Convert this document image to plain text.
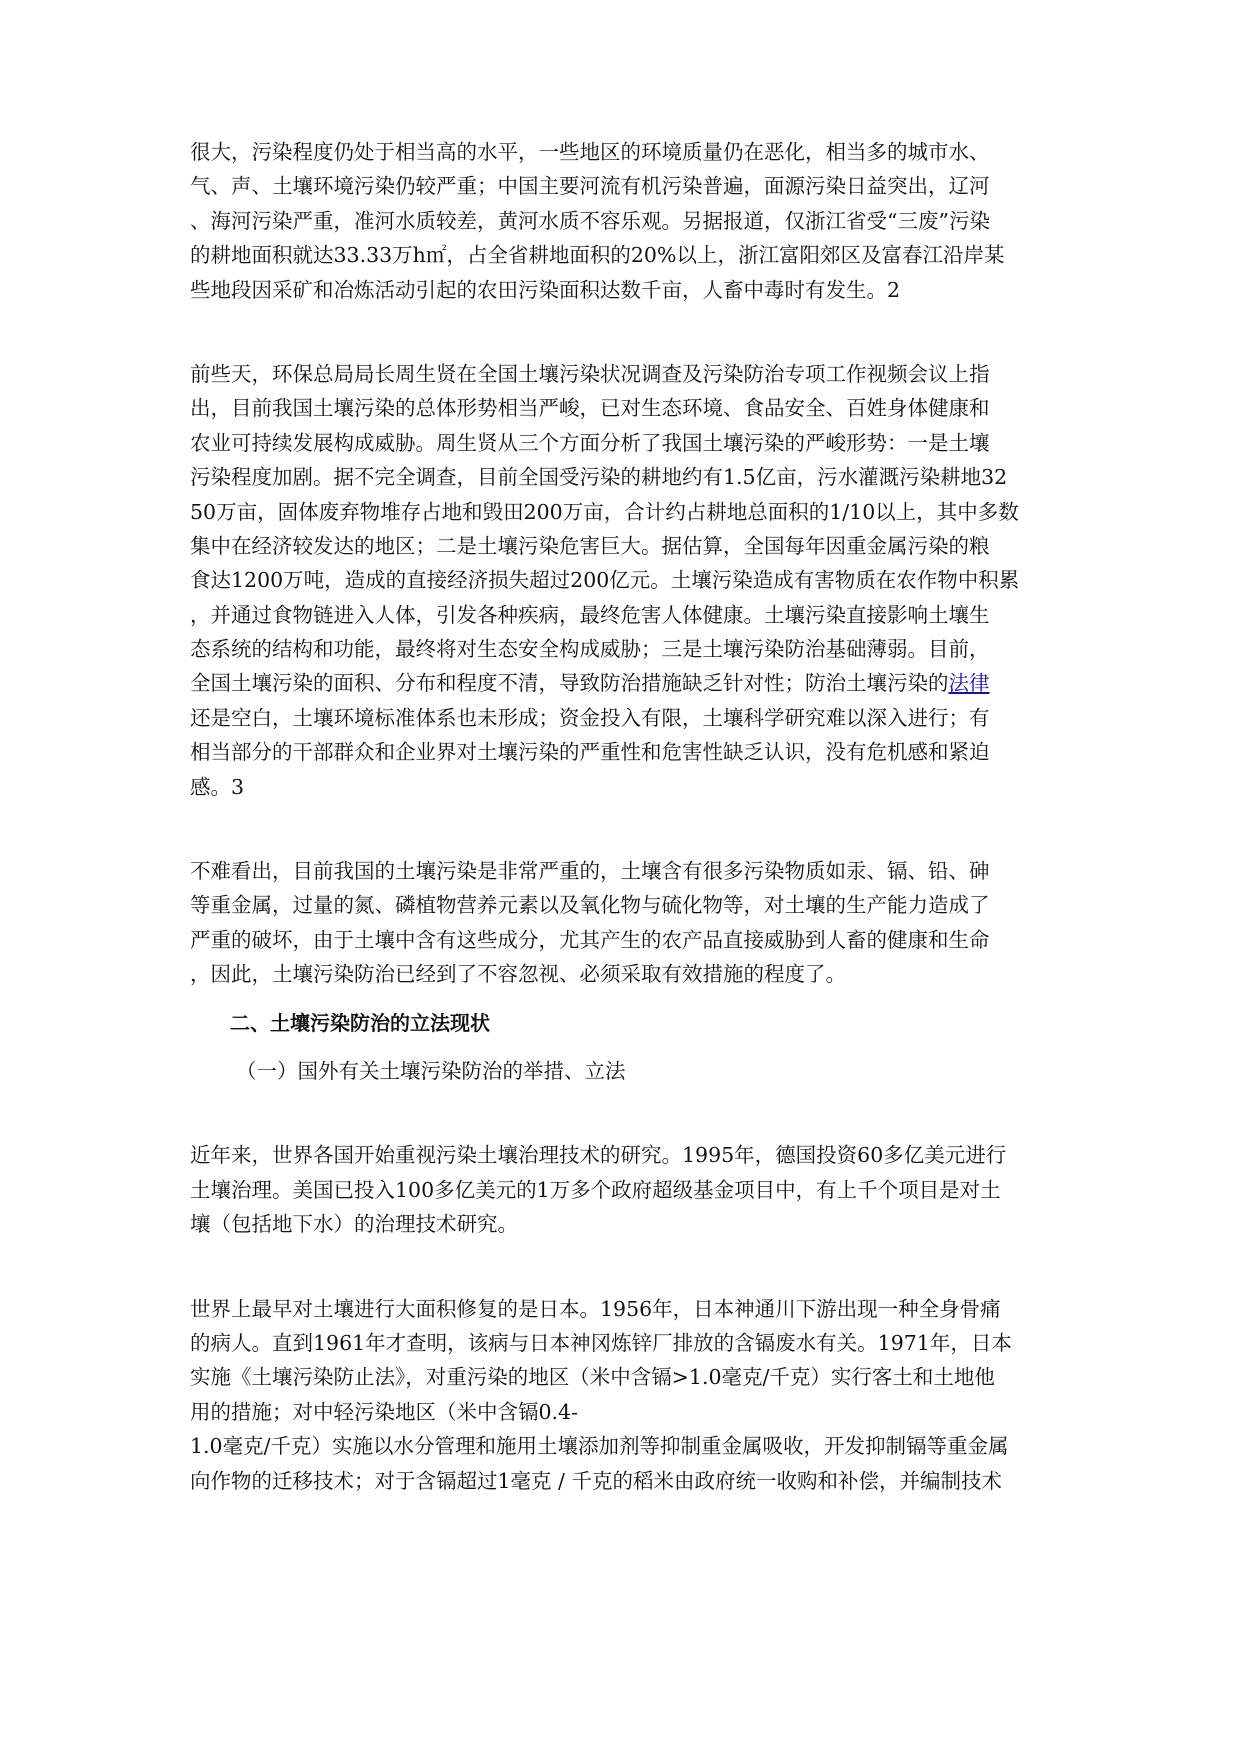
很大，污染程度仍处于相当高的水平，一些地区的环境质量仍在恶化，相当多的城市水、
气、声、土壤环境污染仍较严重；中国主要河流有机污染普遍，面源污染日益突出，辽河
、海河污染严重，准河水质较差，黄河水质不容乐观。另据报道，仅浙江省受“三废”污染
的耕地面积就达33.33万h㎡，占全省耕地面积的20%以上，浙江富阳郊区及富春江沿岸某
些地段因采矿和冶炼活动引起的农田污染面积达数千亩，人畜中毒时有发生。2
前些天，环保总局局长周生贤在全国土壤污染状况调查及污染防治专项工作视频会议上指
出，目前我国土壤污染的总体形势相当严峻，已对生态环境、食品安全、百姓身体健康和
农业可持续发展构成威胁。周生贤从三个方面分析了我国土壤污染的严峻形势：一是土壤
污染程度加剧。据不完全调查，目前全国受污染的耕地约有1.5亿亩，污水灌溉污染耕地32
50万亩，固体废弃物堆存占地和毁田200万亩，合计约占耕地总面积的1/10以上，其中多数
集中在经济较发达的地区；二是土壤污染危害巨大。据估算，全国每年因重金属污染的粮
食达1200万吨，造成的直接经济损失超过200亿元。土壤污染造成有害物质在农作物中积累
，并通过食物链进入人体，引发各种疾病，最终危害人体健康。土壤污染直接影响土壤生
态系统的结构和功能，最终将对生态安全构成威胁；三是土壤污染防治基础薄弱。目前，
全国土壤污染的面积、分布和程度不清，导致防治措施缺乏针对性；防治土壤污染的法律
还是空白，土壤环境标准体系也未形成；资金投入有限，土壤科学研究难以深入进行；有
相当部分的干部群众和企业界对土壤污染的严重性和危害性缺乏认识，没有危机感和紧迫
感。3
不难看出，目前我国的土壤污染是非常严重的，土壤含有很多污染物质如汞、镉、铅、砷
等重金属，过量的氮、磷植物营养元素以及氧化物与硫化物等，对土壤的生产能力造成了
严重的破坏，由于土壤中含有这些成分，尤其产生的农产品直接威胁到人畜的健康和生命
，因此，土壤污染防治已经到了不容忽视、必须采取有效措施的程度了。
二、土壤污染防治的立法现状
（一）国外有关土壤污染防治的举措、立法
近年来，世界各国开始重视污染土壤治理技术的研究。1995年，德国投资60多亿美元进行
土壤治理。美国已投入100多亿美元的1万多个政府超级基金项目中，有上千个项目是对土
壤（包括地下水）的治理技术研究。
世界上最早对土壤进行大面积修复的是日本。1956年，日本神通川下游出现一种全身骨痛
的病人。直到1961年才查明，该病与日本神冈炼锌厂排放的含镉废水有关。1971年，日本
实施《土壤污染防止法》，对重污染的地区（米中含镉>1.0毫克/千克）实行客土和土地他
用的措施；对中轻污染地区（米中含镉0.4-
1.0毫克/千克）实施以水分管理和施用土壤添加剂等抑制重金属吸收，开发抑制镉等重金属
向作物的迁移技术；对于含镉超过1毫克 / 千克的稻米由政府统一收购和补偿，并编制技术
